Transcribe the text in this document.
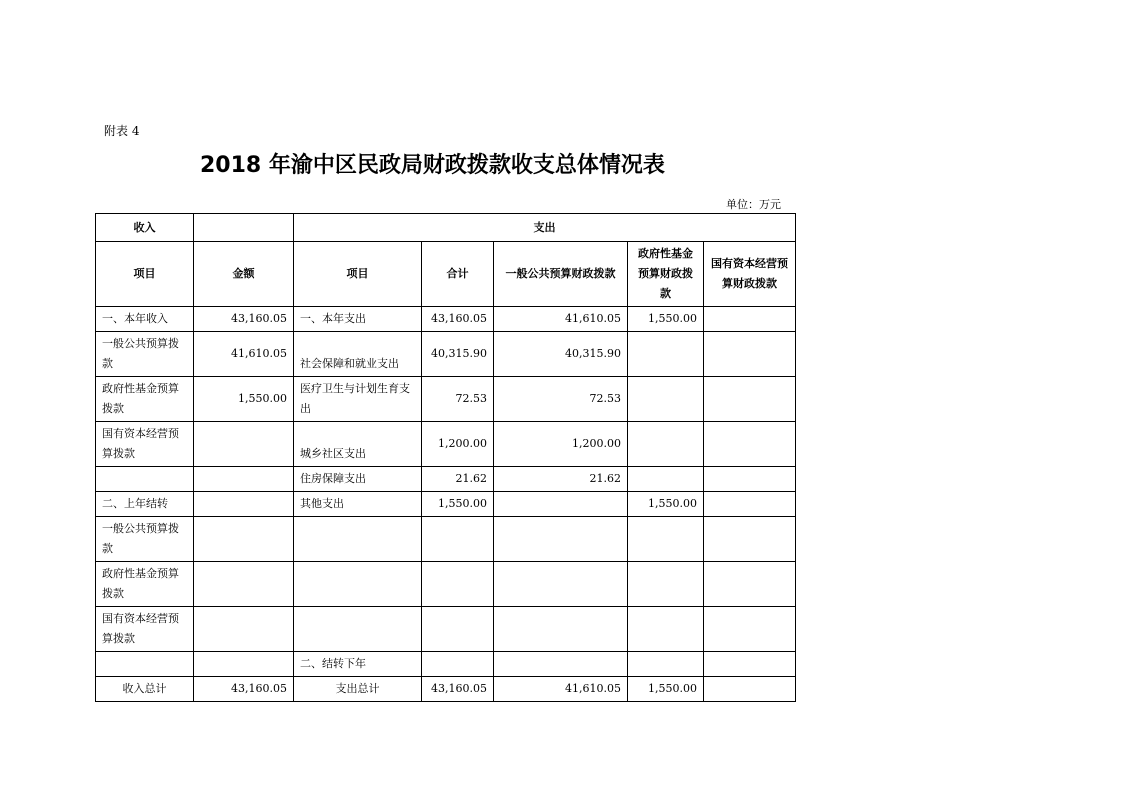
附表 4
2018 年渝中区民政局财政拨款收支总体情况表
单位：万元
收入		支出				
项目	金额	项目	合计	一般公共预算财政拨款	政府性基金预算财政拨款	国有资本经营预算财政拨款
一、本年收入	43,160.05	一、本年支出	43,160.05	41,610.05	1,550.00	
一般公共预算拨款	41,610.05	社会保障和就业支出	40,315.90	40,315.90		
政府性基金预算拨款	1,550.00	医疗卫生与计划生育支出	72.53	72.53		
国有资本经营预算拨款		城乡社区支出	1,200.00	1,200.00		
		住房保障支出	21.62	21.62		
二、上年结转		其他支出	1,550.00		1,550.00	
一般公共预算拨款						
政府性基金预算拨款						
国有资本经营预算拨款						
		二、结转下年				
收入总计	43,160.05	支出总计	43,160.05	41,610.05	1,550.00	
